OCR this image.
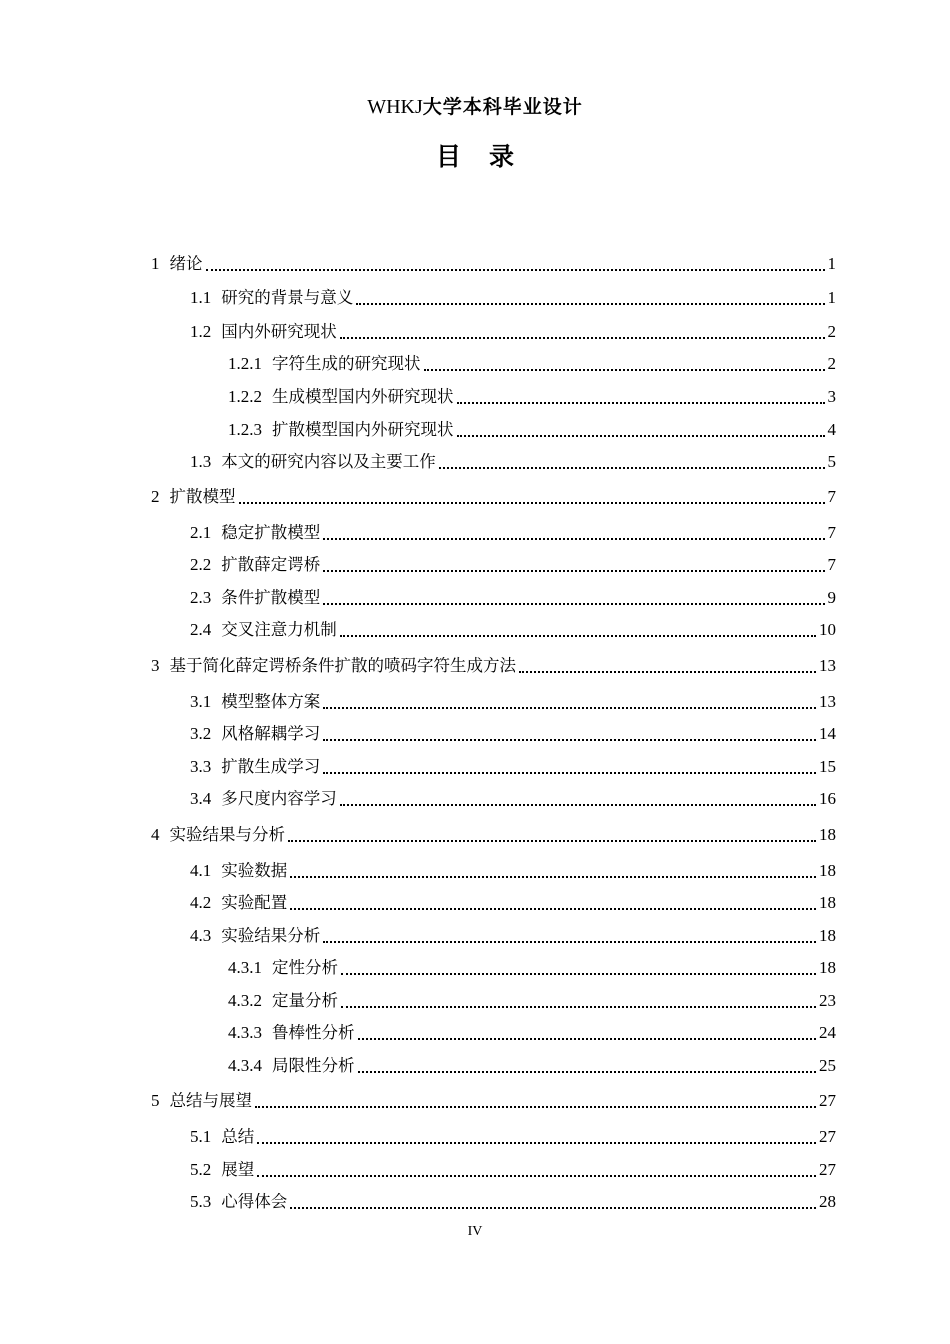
WHKJ大学本科毕业设计
目 录
1 绪论	1
1.1 研究的背景与意义	1
1.2 国内外研究现状	2
1.2.1 字符生成的研究现状	2
1.2.2 生成模型国内外研究现状	3
1.2.3 扩散模型国内外研究现状	4
1.3 本文的研究内容以及主要工作	5
2 扩散模型	7
2.1 稳定扩散模型	7
2.2 扩散薛定谔桥	7
2.3 条件扩散模型	9
2.4 交叉注意力机制	10
3 基于简化薛定谔桥条件扩散的喷码字符生成方法	13
3.1 模型整体方案	13
3.2 风格解耦学习	14
3.3 扩散生成学习	15
3.4 多尺度内容学习	16
4 实验结果与分析	18
4.1 实验数据	18
4.2 实验配置	18
4.3 实验结果分析	18
4.3.1 定性分析	18
4.3.2 定量分析	23
4.3.3 鲁棒性分析	24
4.3.4 局限性分析	25
5 总结与展望	27
5.1 总结	27
5.2 展望	27
5.3 心得体会	28
IV
